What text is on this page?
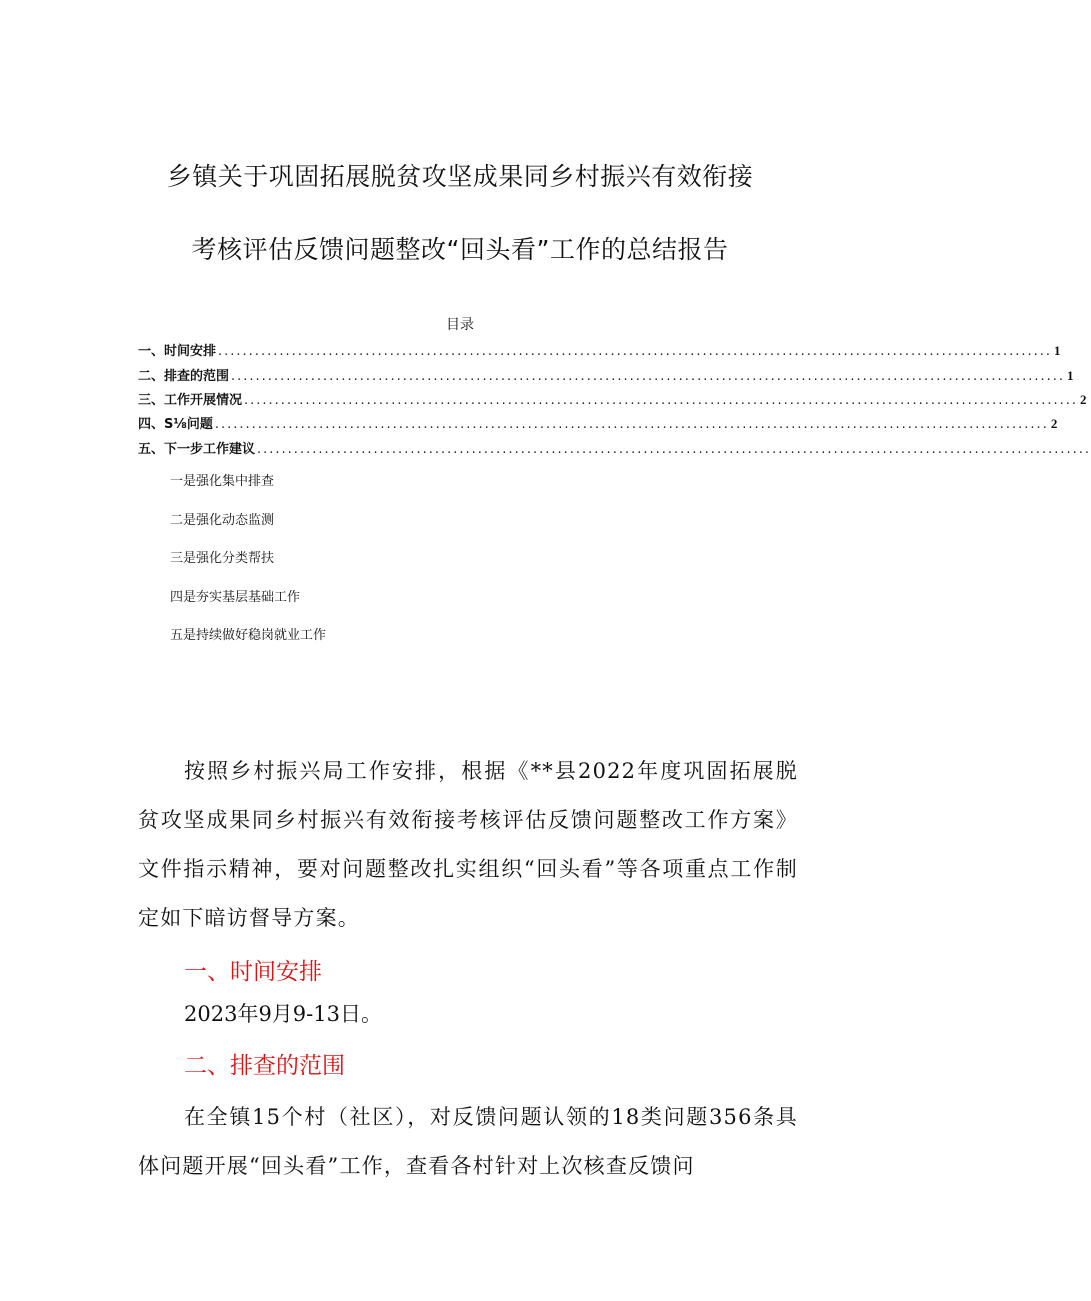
乡镇关于巩固拓展脱贫攻坚成果同乡村振兴有效衔接
考核评估反馈问题整改“回头看”工作的总结报告
目录
一、时间安排 ........................................................................................................................................ 1
二、排查的范围 ........................................................................................................................................ 1
三、工作开展情况 ........................................................................................................................................ 2
四、S⅛问题 ........................................................................................................................................ 2
五、下一步工作建议 ........................................................................................................................................
一是强化集中排查
二是强化动态监测
三是强化分类帮扶
四是夯实基层基础工作
五是持续做好稳岗就业工作

按照乡村振兴局工作安排，根据《**县2022年度巩固拓展脱贫攻坚成果同乡村振兴有效衔接考核评估反馈问题整改工作方案》文件指示精神，要对问题整改扎实组织“回头看”等各项重点工作制定如下暗访督导方案。

一、时间安排
2023年9月9-13日。
二、排查的范围

在全镇15个村（社区），对反馈问题认领的18类问题356条具体问题开展“回头看”工作，查看各村针对上次核查反馈问
